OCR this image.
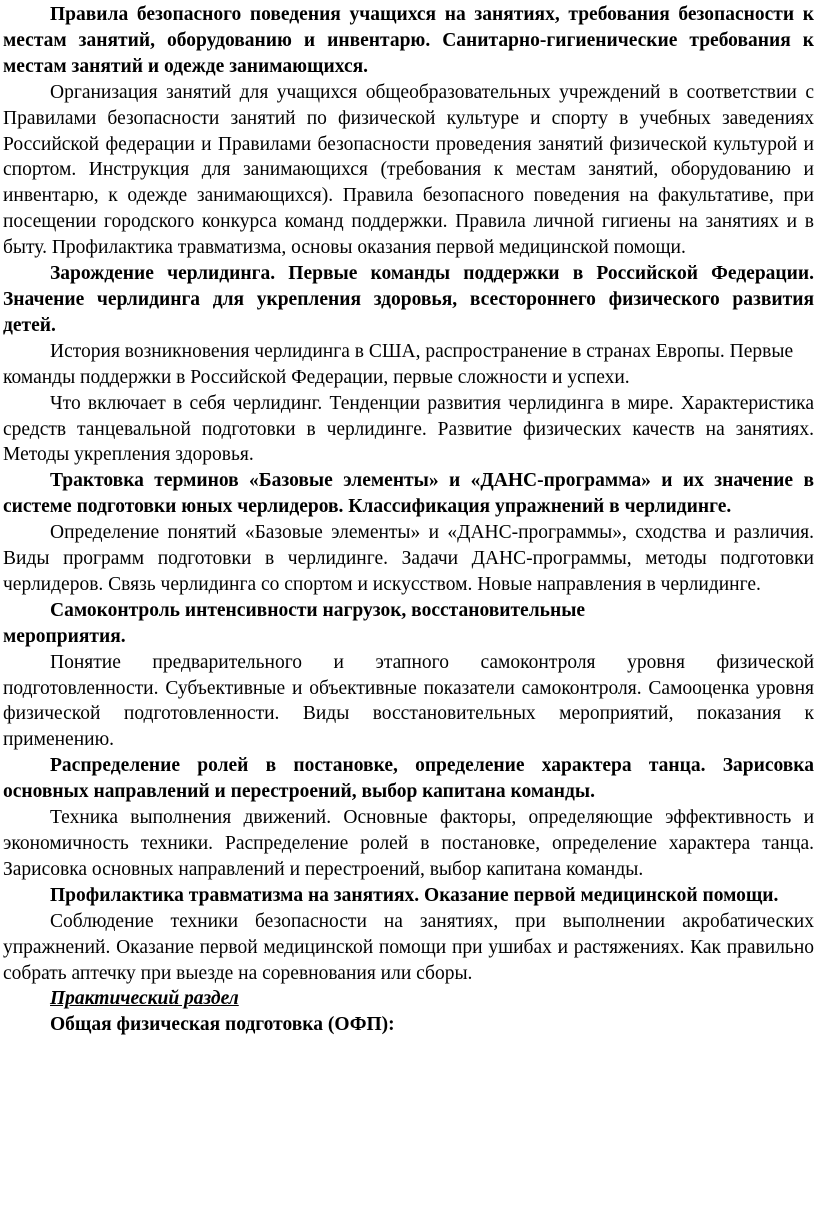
Правила безопасного поведения учащихся на занятиях, требования безопасности к местам занятий, оборудованию и инвентарю. Санитарно-гигиенические требования к местам занятий и одежде занимающихся.

Организация занятий для учащихся общеобразовательных учреждений в соответствии с Правилами безопасности занятий по физической культуре и спорту в учебных заведениях Российской федерации и Правилами безопасности проведения занятий физической культурой и спортом. Инструкция для занимающихся (требования к местам занятий, оборудованию и инвентарю, к одежде занимающихся). Правила безопасного поведения на факультативе, при посещении городского конкурса команд поддержки. Правила личной гигиены на занятиях и в быту. Профилактика травматизма, основы оказания первой медицинской помощи.

Зарождение черлидинга. Первые команды поддержки в Российской Федерации. Значение черлидинга для укрепления здоровья, всестороннего физического развития детей.

История возникновения черлидинга в США, распространение в странах Европы. Первые команды поддержки в Российской Федерации, первые сложности и успехи.

Что включает в себя черлидинг. Тенденции развития черлидинга в мире. Характеристика средств танцевальной подготовки в черлидинге. Развитие физических качеств на занятиях. Методы укрепления здоровья.

Трактовка терминов «Базовые элементы» и «ДАНС-программа» и их значение в системе подготовки юных черлидеров. Классификация упражнений в черлидинге.

Определение понятий «Базовые элементы» и «ДАНС-программы», сходства и различия. Виды программ подготовки в черлидинге. Задачи ДАНС-программы, методы подготовки черлидеров. Связь черлидинга со спортом и искусством. Новые направления в черлидинге.

Самоконтроль интенсивности нагрузок, восстановительные мероприятия.

Понятие предварительного и этапного самоконтроля уровня физической подготовленности. Субъективные и объективные показатели самоконтроля. Самооценка уровня физической подготовленности. Виды восстановительных мероприятий, показания к применению.

Распределение ролей в постановке, определение характера танца. Зарисовка основных направлений и перестроений, выбор капитана команды.

Техника выполнения движений. Основные факторы, определяющие эффективность и экономичность техники. Распределение ролей в постановке, определение характера танца. Зарисовка основных направлений и перестроений, выбор капитана команды.

Профилактика травматизма на занятиях. Оказание первой медицинской помощи.

Соблюдение техники безопасности на занятиях, при выполнении акробатических упражнений. Оказание первой медицинской помощи при ушибах и растяжениях. Как правильно собрать аптечку при выезде на соревнования или сборы.

Практический раздел

Общая физическая подготовка (ОФП):
